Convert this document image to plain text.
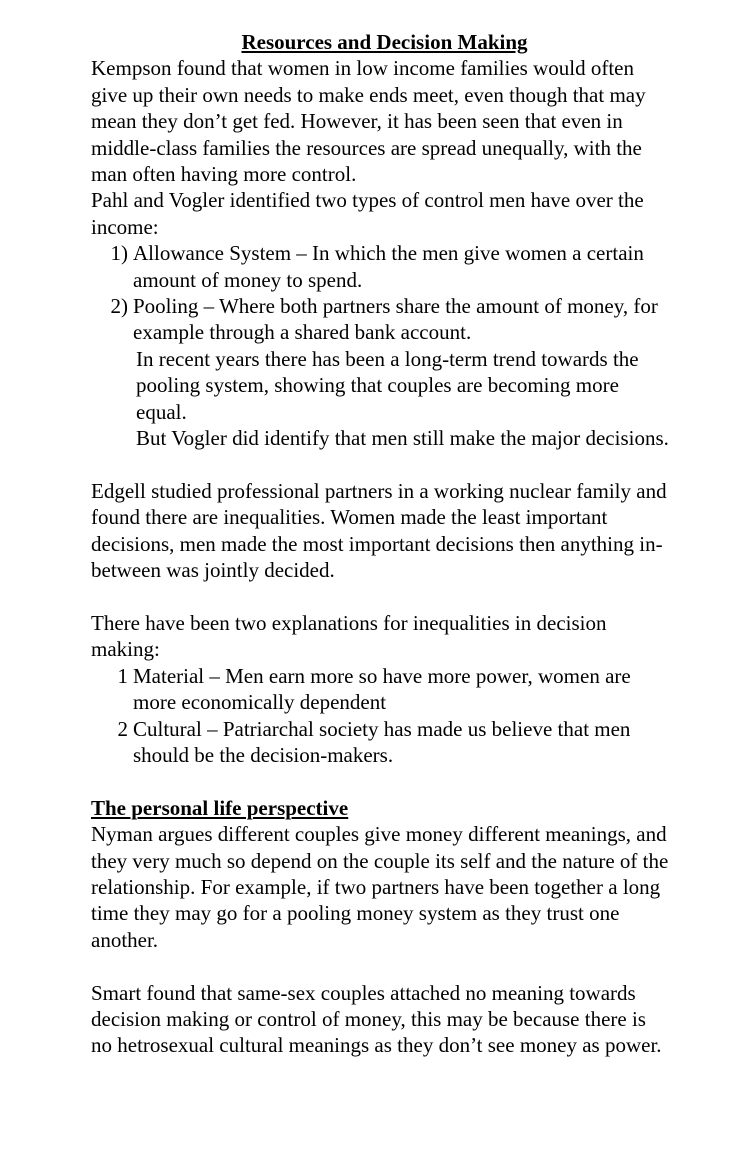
Resources and Decision Making

Kempson found that women in low income families would often give up their own needs to make ends meet, even though that may mean they don’t get fed. However, it has been seen that even in middle-class families the resources are spread unequally, with the man often having more control.

Pahl and Vogler identified two types of control men have over the income:

1) Allowance System – In which the men give women a certain amount of money to spend.
2) Pooling – Where both partners share the amount of money, for example through a shared bank account.

In recent years there has been a long-term trend towards the pooling system, showing that couples are becoming more equal.

But Vogler did identify that men still make the major decisions.

Edgell studied professional partners in a working nuclear family and found there are inequalities. Women made the least important decisions, men made the most important decisions then anything in-between was jointly decided.

There have been two explanations for inequalities in decision making:

1 Material – Men earn more so have more power, women are more economically dependent
2 Cultural – Patriarchal society has made us believe that men should be the decision-makers.
The personal life perspective

Nyman argues different couples give money different meanings, and they very much so depend on the couple its self and the nature of the relationship. For example, if two partners have been together a long time they may go for a pooling money system as they trust one another.

Smart found that same-sex couples attached no meaning towards decision making or control of money, this may be because there is no hetrosexual cultural meanings as they don’t see money as power.
